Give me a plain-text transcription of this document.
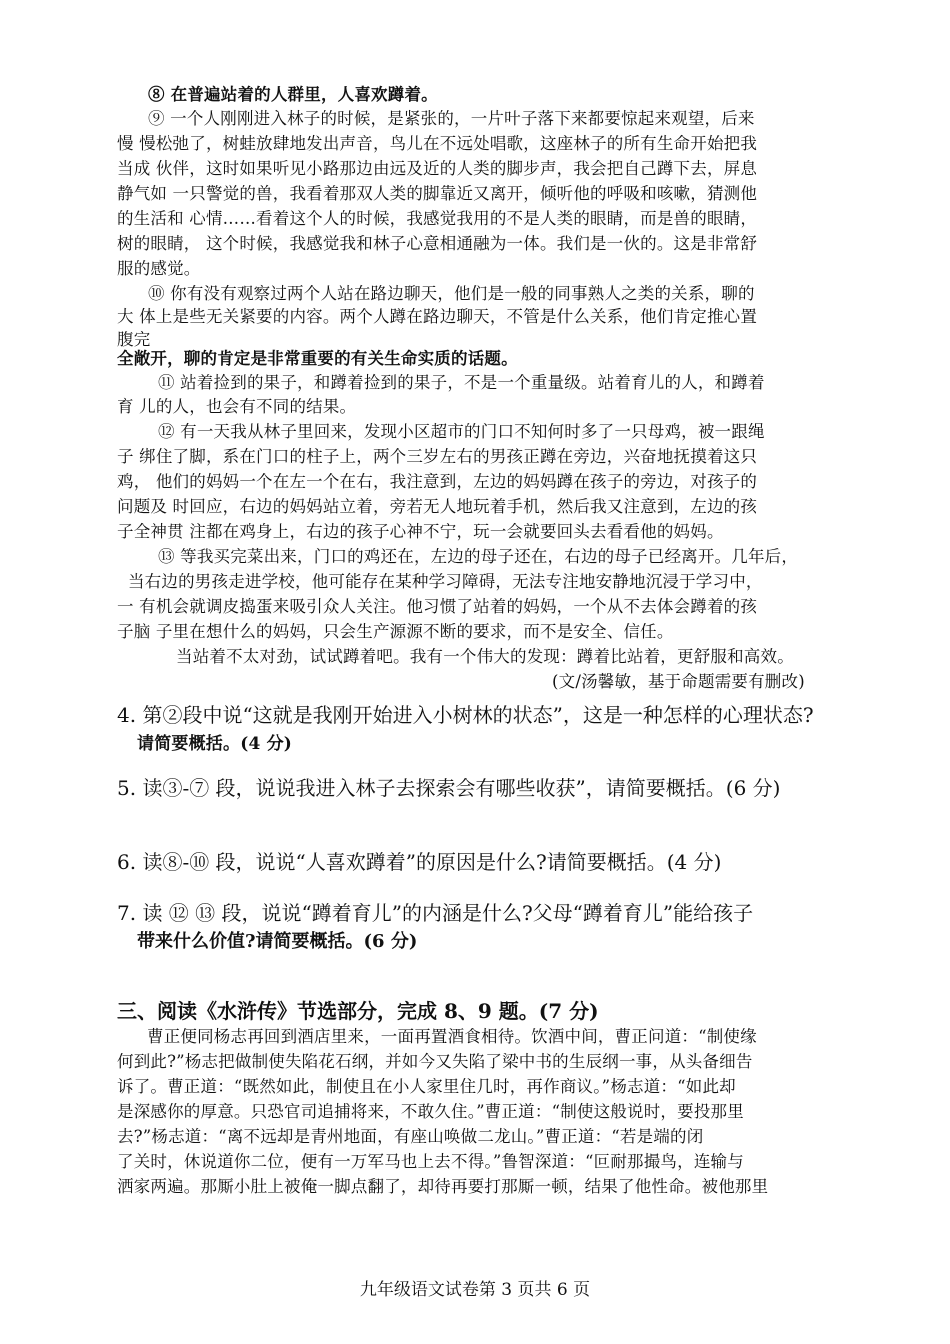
⑧ 在普遍站着的人群里，人喜欢蹲着。
⑨ 一个人刚刚进入林子的时候，是紧张的，一片叶子落下来都要惊起来观望，后来
慢 慢松弛了，树蛙放肆地发出声音，鸟儿在不远处唱歌，这座林子的所有生命开始把我
当成 伙伴，这时如果听见小路那边由远及近的人类的脚步声，我会把自己蹲下去，屏息
静气如 一只警觉的兽，我看着那双人类的脚靠近又离开，倾听他的呼吸和咳嗽，猜测他
的生活和 心情……看着这个人的时候，我感觉我用的不是人类的眼睛，而是兽的眼睛，
树的眼睛， 这个时候，我感觉我和林子心意相通融为一体。我们是一伙的。这是非常舒
服的感觉。
⑩ 你有没有观察过两个人站在路边聊天，他们是一般的同事熟人之类的关系，聊的
大 体上是些无关紧要的内容。两个人蹲在路边聊天，不管是什么关系，他们肯定推心置
腹完
全敞开，聊的肯定是非常重要的有关生命实质的话题。
⑪ 站着捡到的果子，和蹲着捡到的果子，不是一个重量级。站着育儿的人，和蹲着
育 儿的人，也会有不同的结果。
⑫ 有一天我从林子里回来，发现小区超市的门口不知何时多了一只母鸡，被一跟绳
子 绑住了脚，系在门口的柱子上，两个三岁左右的男孩正蹲在旁边，兴奋地抚摸着这只
鸡， 他们的妈妈一个在左一个在右，我注意到，左边的妈妈蹲在孩子的旁边，对孩子的
问题及 时回应，右边的妈妈站立着，旁若无人地玩着手机，然后我又注意到，左边的孩
子全神贯 注都在鸡身上，右边的孩子心神不宁，玩一会就要回头去看看他的妈妈。
⑬ 等我买完菜出来，门口的鸡还在，左边的母子还在，右边的母子已经离开。几年后，
当右边的男孩走进学校，他可能存在某种学习障碍，无法专注地安静地沉浸于学习中，
一 有机会就调皮捣蛋来吸引众人关注。他习惯了站着的妈妈，一个从不去体会蹲着的孩
子脑 子里在想什么的妈妈，只会生产源源不断的要求，而不是安全、信任。
当站着不太对劲，试试蹲着吧。我有一个伟大的发现：蹲着比站着，更舒服和高效。
(文/汤馨敏，基于命题需要有删改)
4. 第②段中说“这就是我刚开始进入小树林的状态”，这是一种怎样的心理状态?
请简要概括。(4 分)
5. 读③-⑦ 段，说说我进入林子去探索会有哪些收获”，请简要概括。(6 分)
6. 读⑧-⑩ 段，说说“人喜欢蹲着”的原因是什么?请简要概括。(4 分)
7. 读 ⑫ ⑬ 段，说说“蹲着育儿”的内涵是什么?父母“蹲着育儿”能给孩子
带来什么价值?请简要概括。(6 分)
三、阅读《水浒传》节选部分，完成 8、9 题。(7 分)
曹正便同杨志再回到酒店里来，一面再置酒食相待。饮酒中间，曹正问道：“制使缘
何到此?”杨志把做制使失陷花石纲，并如今又失陷了梁中书的生辰纲一事，从头备细告
诉了。曹正道：“既然如此，制使且在小人家里住几时，再作商议。”杨志道：“如此却
是深感你的厚意。只恐官司追捕将来，不敢久住。”曹正道：“制使这般说时，要投那里
去?”杨志道：“离不远却是青州地面，有座山唤做二龙山。”曹正道：“若是端的闭
了关时，休说道你二位，便有一万军马也上去不得。”鲁智深道：“叵耐那撮鸟，连输与
洒家两遍。那厮小肚上被俺一脚点翻了，却待再要打那厮一顿，结果了他性命。被他那里
九年级语文试卷第 3 页共 6 页
